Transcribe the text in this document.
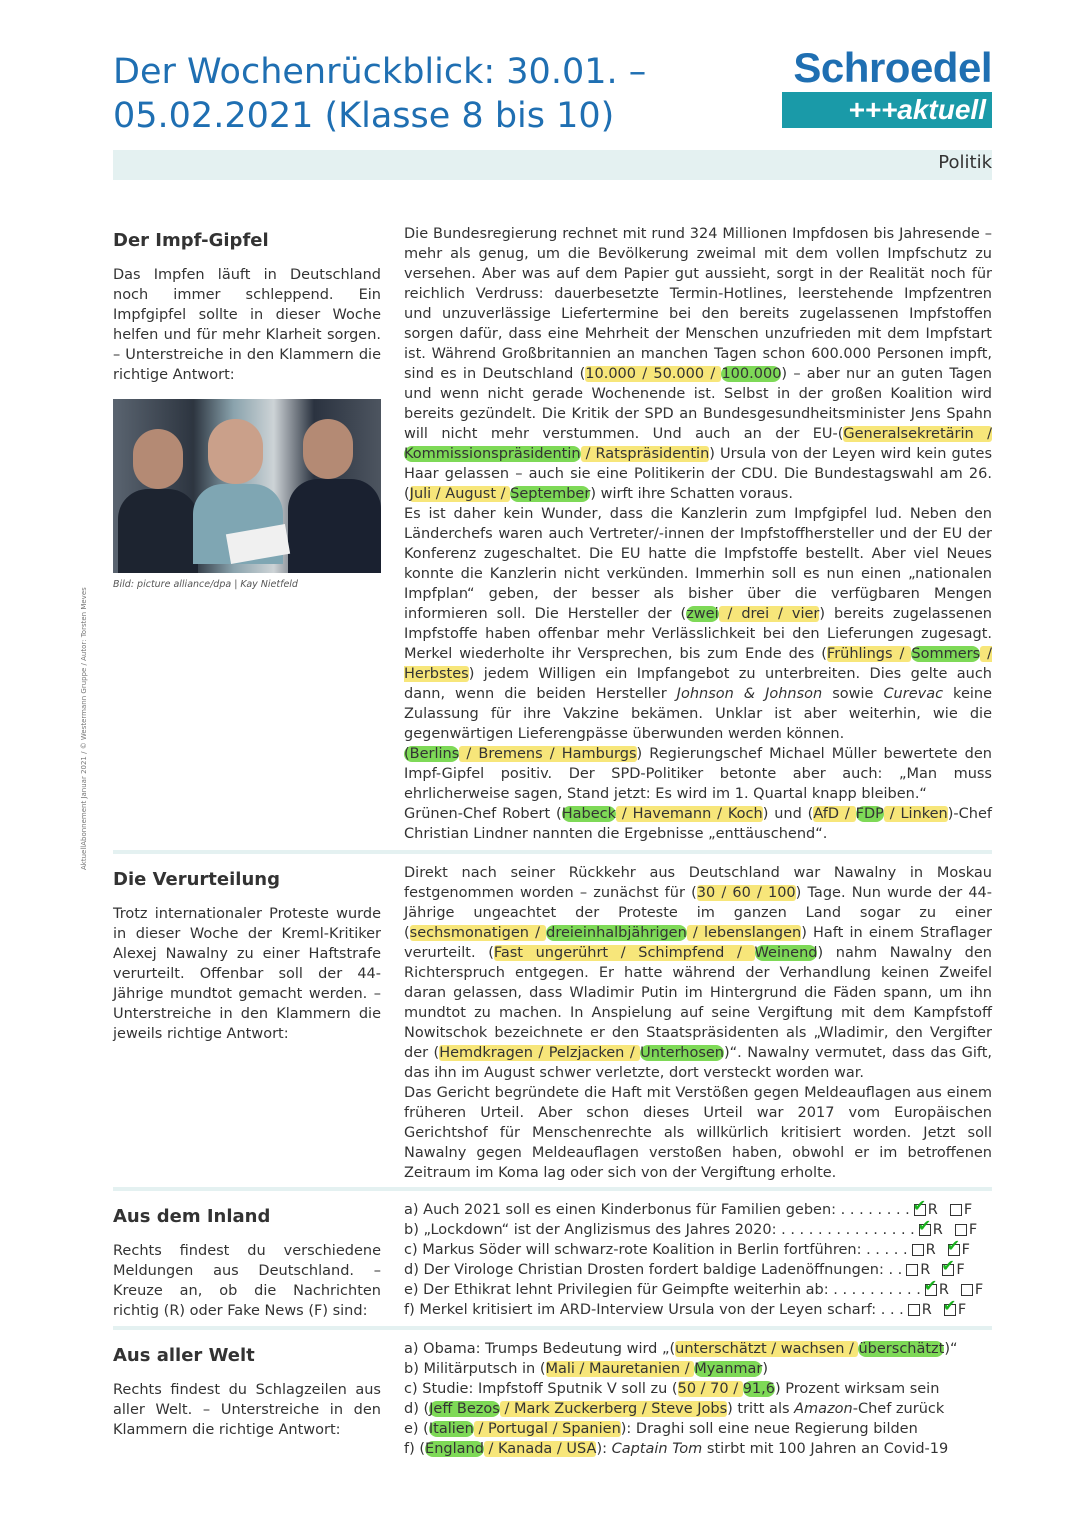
Der Wochenrückblick: 30.01. – 05.02.2021 (Klasse 8 bis 10)
Schroedel
+++aktuell
Politik
AktuellAbonnement Januar 2021 / © Westermann Gruppe / Autor: Torsten Meves
Der Impf-Gipfel

Das Impfen läuft in Deutschland noch immer schleppend. Ein Impfgipfel sollte in dieser Woche helfen und für mehr Klarheit sorgen. – Unterstreiche in den Klammern die richtige Antwort:

Bild: picture alliance/dpa | Kay Nietfeld

Die Bundesregierung rechnet mit rund 324 Millionen Impfdosen bis Jahresende – mehr als genug, um die Bevölkerung zweimal mit dem vollen Impfschutz zu versehen. Aber was auf dem Papier gut aussieht, sorgt in der Realität noch für reichlich Verdruss: dauerbesetzte Termin-Hotlines, leerstehende Impfzentren und unzuverlässige Liefertermine bei den bereits zugelassenen Impfstoffen sorgen dafür, dass eine Mehrheit der Menschen unzufrieden mit dem Impfstart ist. Während Großbritannien an manchen Tagen schon 600.000 Personen impft, sind es in Deutschland (10.000 / 50.000 / 100.000) – aber nur an guten Tagen und wenn nicht gerade Wochenende ist. Selbst in der großen Koalition wird bereits gezündelt. Die Kritik der SPD an Bundesgesundheitsminister Jens Spahn will nicht mehr verstummen. Und auch an der EU-(Generalsekretärin / Kommissionspräsidentin / Ratspräsidentin) Ursula von der Leyen wird kein gutes Haar gelassen – auch sie eine Politikerin der CDU. Die Bundestagswahl am 26. (Juli / August / September) wirft ihre Schatten voraus.

Es ist daher kein Wunder, dass die Kanzlerin zum Impfgipfel lud. Neben den Länderchefs waren auch Vertreter/-innen der Impfstoffhersteller und der EU der Konferenz zugeschaltet. Die EU hatte die Impfstoffe bestellt. Aber viel Neues konnte die Kanzlerin nicht verkünden. Immerhin soll es nun einen „nationalen Impfplan“ geben, der besser als bisher über die verfügbaren Mengen informieren soll. Die Hersteller der (zwei / drei / vier) bereits zugelassenen Impfstoffe haben offenbar mehr Verlässlichkeit bei den Lieferungen zugesagt. Merkel wiederholte ihr Versprechen, bis zum Ende des (Frühlings / Sommers / Herbstes) jedem Willigen ein Impfangebot zu unterbreiten. Dies gelte auch dann, wenn die beiden Hersteller Johnson & Johnson sowie Curevac keine Zulassung für ihre Vakzine bekämen. Unklar ist aber weiterhin, wie die gegenwärtigen Lieferengpässe überwunden werden können.

(Berlins / Bremens / Hamburgs) Regierungschef Michael Müller bewertete den Impf-Gipfel positiv. Der SPD-Politiker betonte aber auch: „Man muss ehrlicherweise sagen, Stand jetzt: Es wird im 1. Quartal knapp bleiben.“

Grünen-Chef Robert (Habeck / Havemann / Koch) und (AfD / FDP / Linken)-Chef Christian Lindner nannten die Ergebnisse „enttäuschend“.

Die Verurteilung

Trotz internationaler Proteste wurde in dieser Woche der Kreml-Kritiker Alexej Nawalny zu einer Haftstrafe verurteilt. Offenbar soll der 44-Jährige mundtot gemacht werden. – Unterstreiche in den Klammern die jeweils richtige Antwort:

Direkt nach seiner Rückkehr aus Deutschland war Nawalny in Moskau festgenommen worden – zunächst für (30 / 60 / 100) Tage. Nun wurde der 44-Jährige ungeachtet der Proteste im ganzen Land sogar zu einer (sechsmonatigen / dreieinhalbjährigen / lebenslangen) Haft in einem Straflager verurteilt. (Fast ungerührt / Schimpfend / Weinend) nahm Nawalny den Richterspruch entgegen. Er hatte während der Verhandlung keinen Zweifel daran gelassen, dass Wladimir Putin im Hintergrund die Fäden spann, um ihn mundtot zu machen. In Anspielung auf seine Vergiftung mit dem Kampfstoff Nowitschok bezeichnete er den Staatspräsidenten als „Wladimir, den Vergifter der (Hemdkragen / Pelzjacken / Unterhosen)“. Nawalny vermutet, dass das Gift, das ihn im August schwer verletzte, dort versteckt worden war.

Das Gericht begründete die Haft mit Verstößen gegen Meldeauflagen aus einem früheren Urteil. Aber schon dieses Urteil war 2017 vom Europäischen Gerichtshof für Menschenrechte als willkürlich kritisiert worden. Jetzt soll Nawalny gegen Meldeauflagen verstoßen haben, obwohl er im betroffenen Zeitraum im Koma lag oder sich von der Vergiftung erholte.

Aus dem Inland

Rechts findest du verschiedene Meldungen aus Deutschland. – Kreuze an, ob die Nachrichten richtig (R) oder Fake News (F) sind:

a) Auch 2021 soll es einen Kinderbonus für Familien geben: . . . . . . . . ✔ R F
b) „Lockdown“ ist der Anglizismus des Jahres 2020: . . . . . . . . . . . . . . . ✔ R F
c) Markus Söder will schwarz-rote Koalition in Berlin fortführen: . . . . . R ✔ F
d) Der Virologe Christian Drosten fordert baldige Ladenöffnungen: . . R ✔ F
e) Der Ethikrat lehnt Privilegien für Geimpfte weiterhin ab: . . . . . . . . . . ✔ R F
f) Merkel kritisiert im ARD-Interview Ursula von der Leyen scharf: . . . R ✔ F
Aus aller Welt

Rechts findest du Schlagzeilen aus aller Welt. – Unterstreiche in den Klammern die richtige Antwort:

a) Obama: Trumps Bedeutung wird „(unterschätzt / wachsen / überschätzt)“
b) Militärputsch in (Mali / Mauretanien / Myanmar)
c) Studie: Impfstoff Sputnik V soll zu (50 / 70 / 91,6) Prozent wirksam sein
d) (Jeff Bezos / Mark Zuckerberg / Steve Jobs) tritt als Amazon-Chef zurück
e) (Italien / Portugal / Spanien): Draghi soll eine neue Regierung bilden
f) (England / Kanada / USA): Captain Tom stirbt mit 100 Jahren an Covid-19
